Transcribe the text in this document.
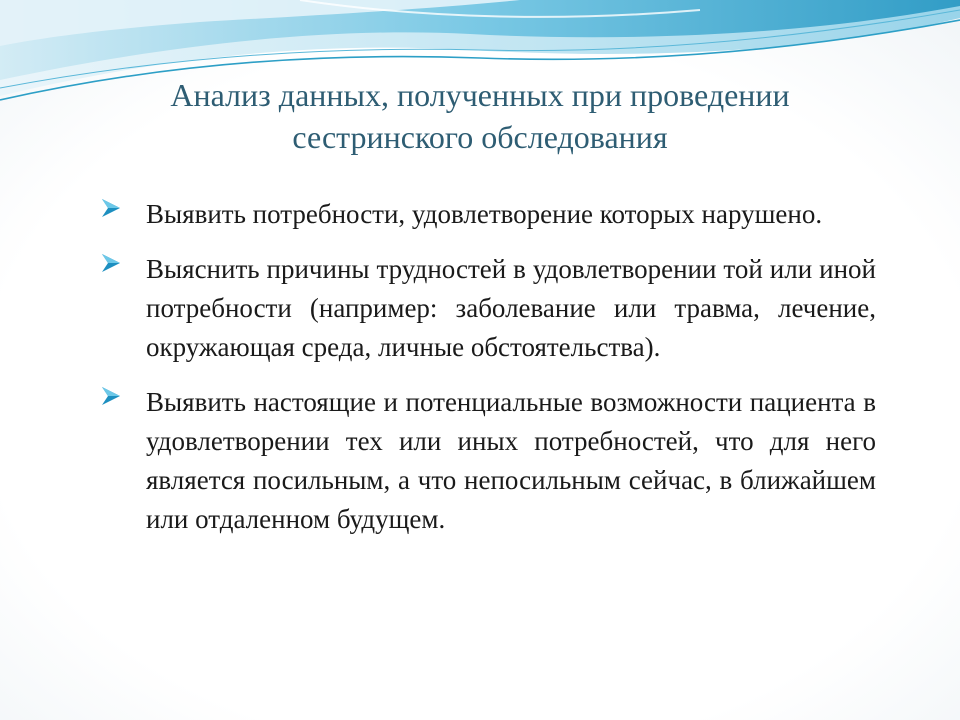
Анализ данных, полученных при проведении
сестринского обследования
Выявить потребности, удовлетворение которых нарушено.
Выяснить причины трудностей в удовлетворении той или иной потребности (например: заболевание или травма, лечение, окружающая среда, личные обстоятельства).
Выявить настоящие и потенциальные возможности пациента в удовлетворении тех или иных потребностей, что для него является посильным, а что непосильным сейчас, в ближайшем или отдаленном будущем.
